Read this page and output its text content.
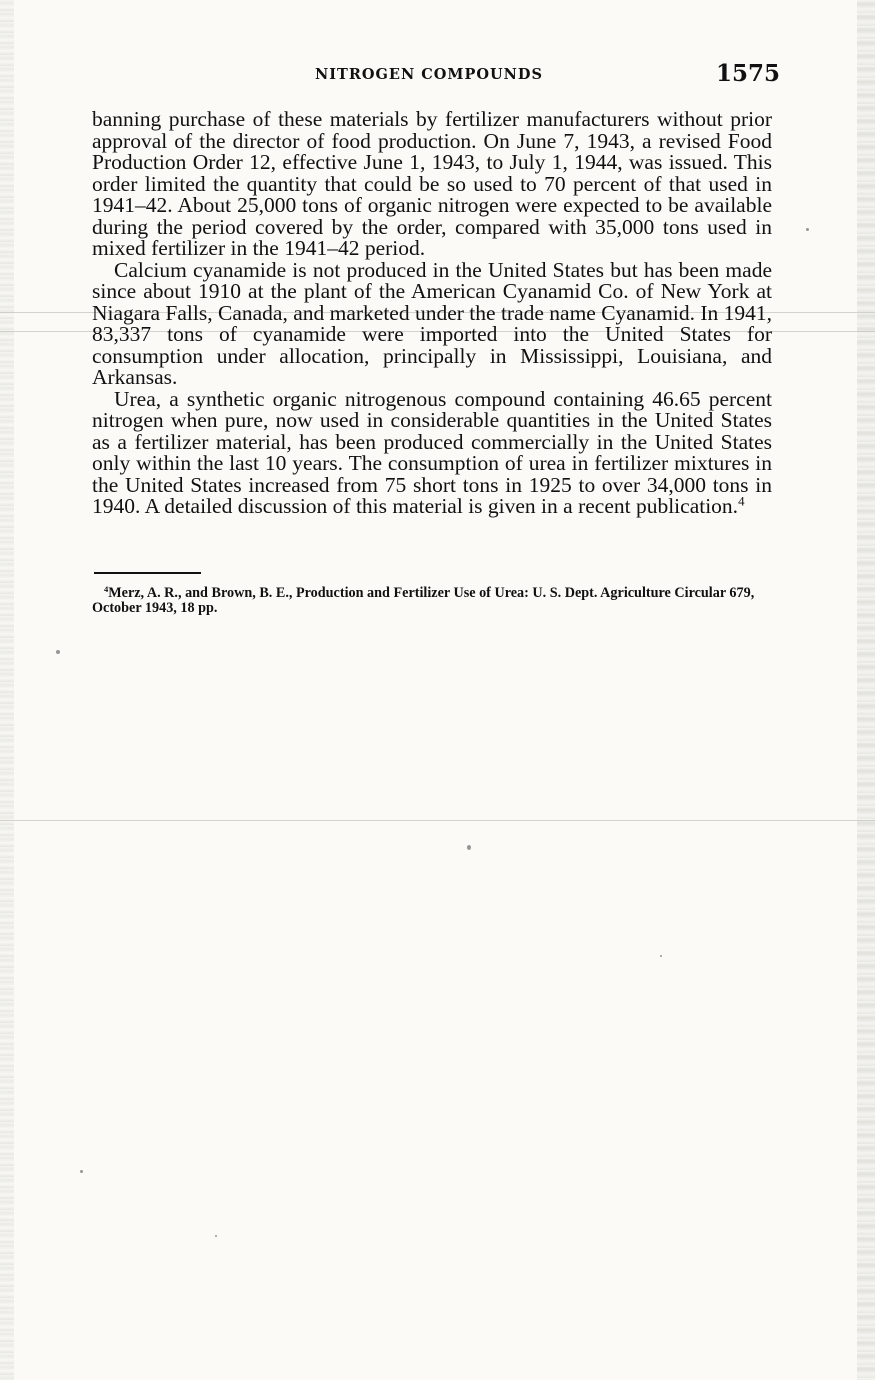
NITROGEN COMPOUNDS	1575

banning purchase of these materials by fertilizer manufacturers without prior approval of the director of food production. On June 7, 1943, a revised Food Production Order 12, effective June 1, 1943, to July 1, 1944, was issued. This order limited the quantity that could be so used to 70 percent of that used in 1941–42. About 25,000 tons of organic nitrogen were expected to be available during the period covered by the order, compared with 35,000 tons used in mixed fertilizer in the 1941–42 period.

Calcium cyanamide is not produced in the United States but has been made since about 1910 at the plant of the American Cyanamid Co. of New York at Niagara Falls, Canada, and marketed under the trade name Cyanamid. In 1941, 83,337 tons of cyanamide were imported into the United States for consumption under allocation, principally in Mississippi, Louisiana, and Arkansas.

Urea, a synthetic organic nitrogenous compound containing 46.65 percent nitrogen when pure, now used in considerable quantities in the United States as a fertilizer material, has been produced commercially in the United States only within the last 10 years. The consumption of urea in fertilizer mixtures in the United States increased from 75 short tons in 1925 to over 34,000 tons in 1940. A detailed discussion of this material is given in a recent publication.$^4$

$^4$Merz, A. R., and Brown, B. E., Production and Fertilizer Use of Urea: U. S. Dept. Agriculture Circular 679, October 1943, 18 pp.
